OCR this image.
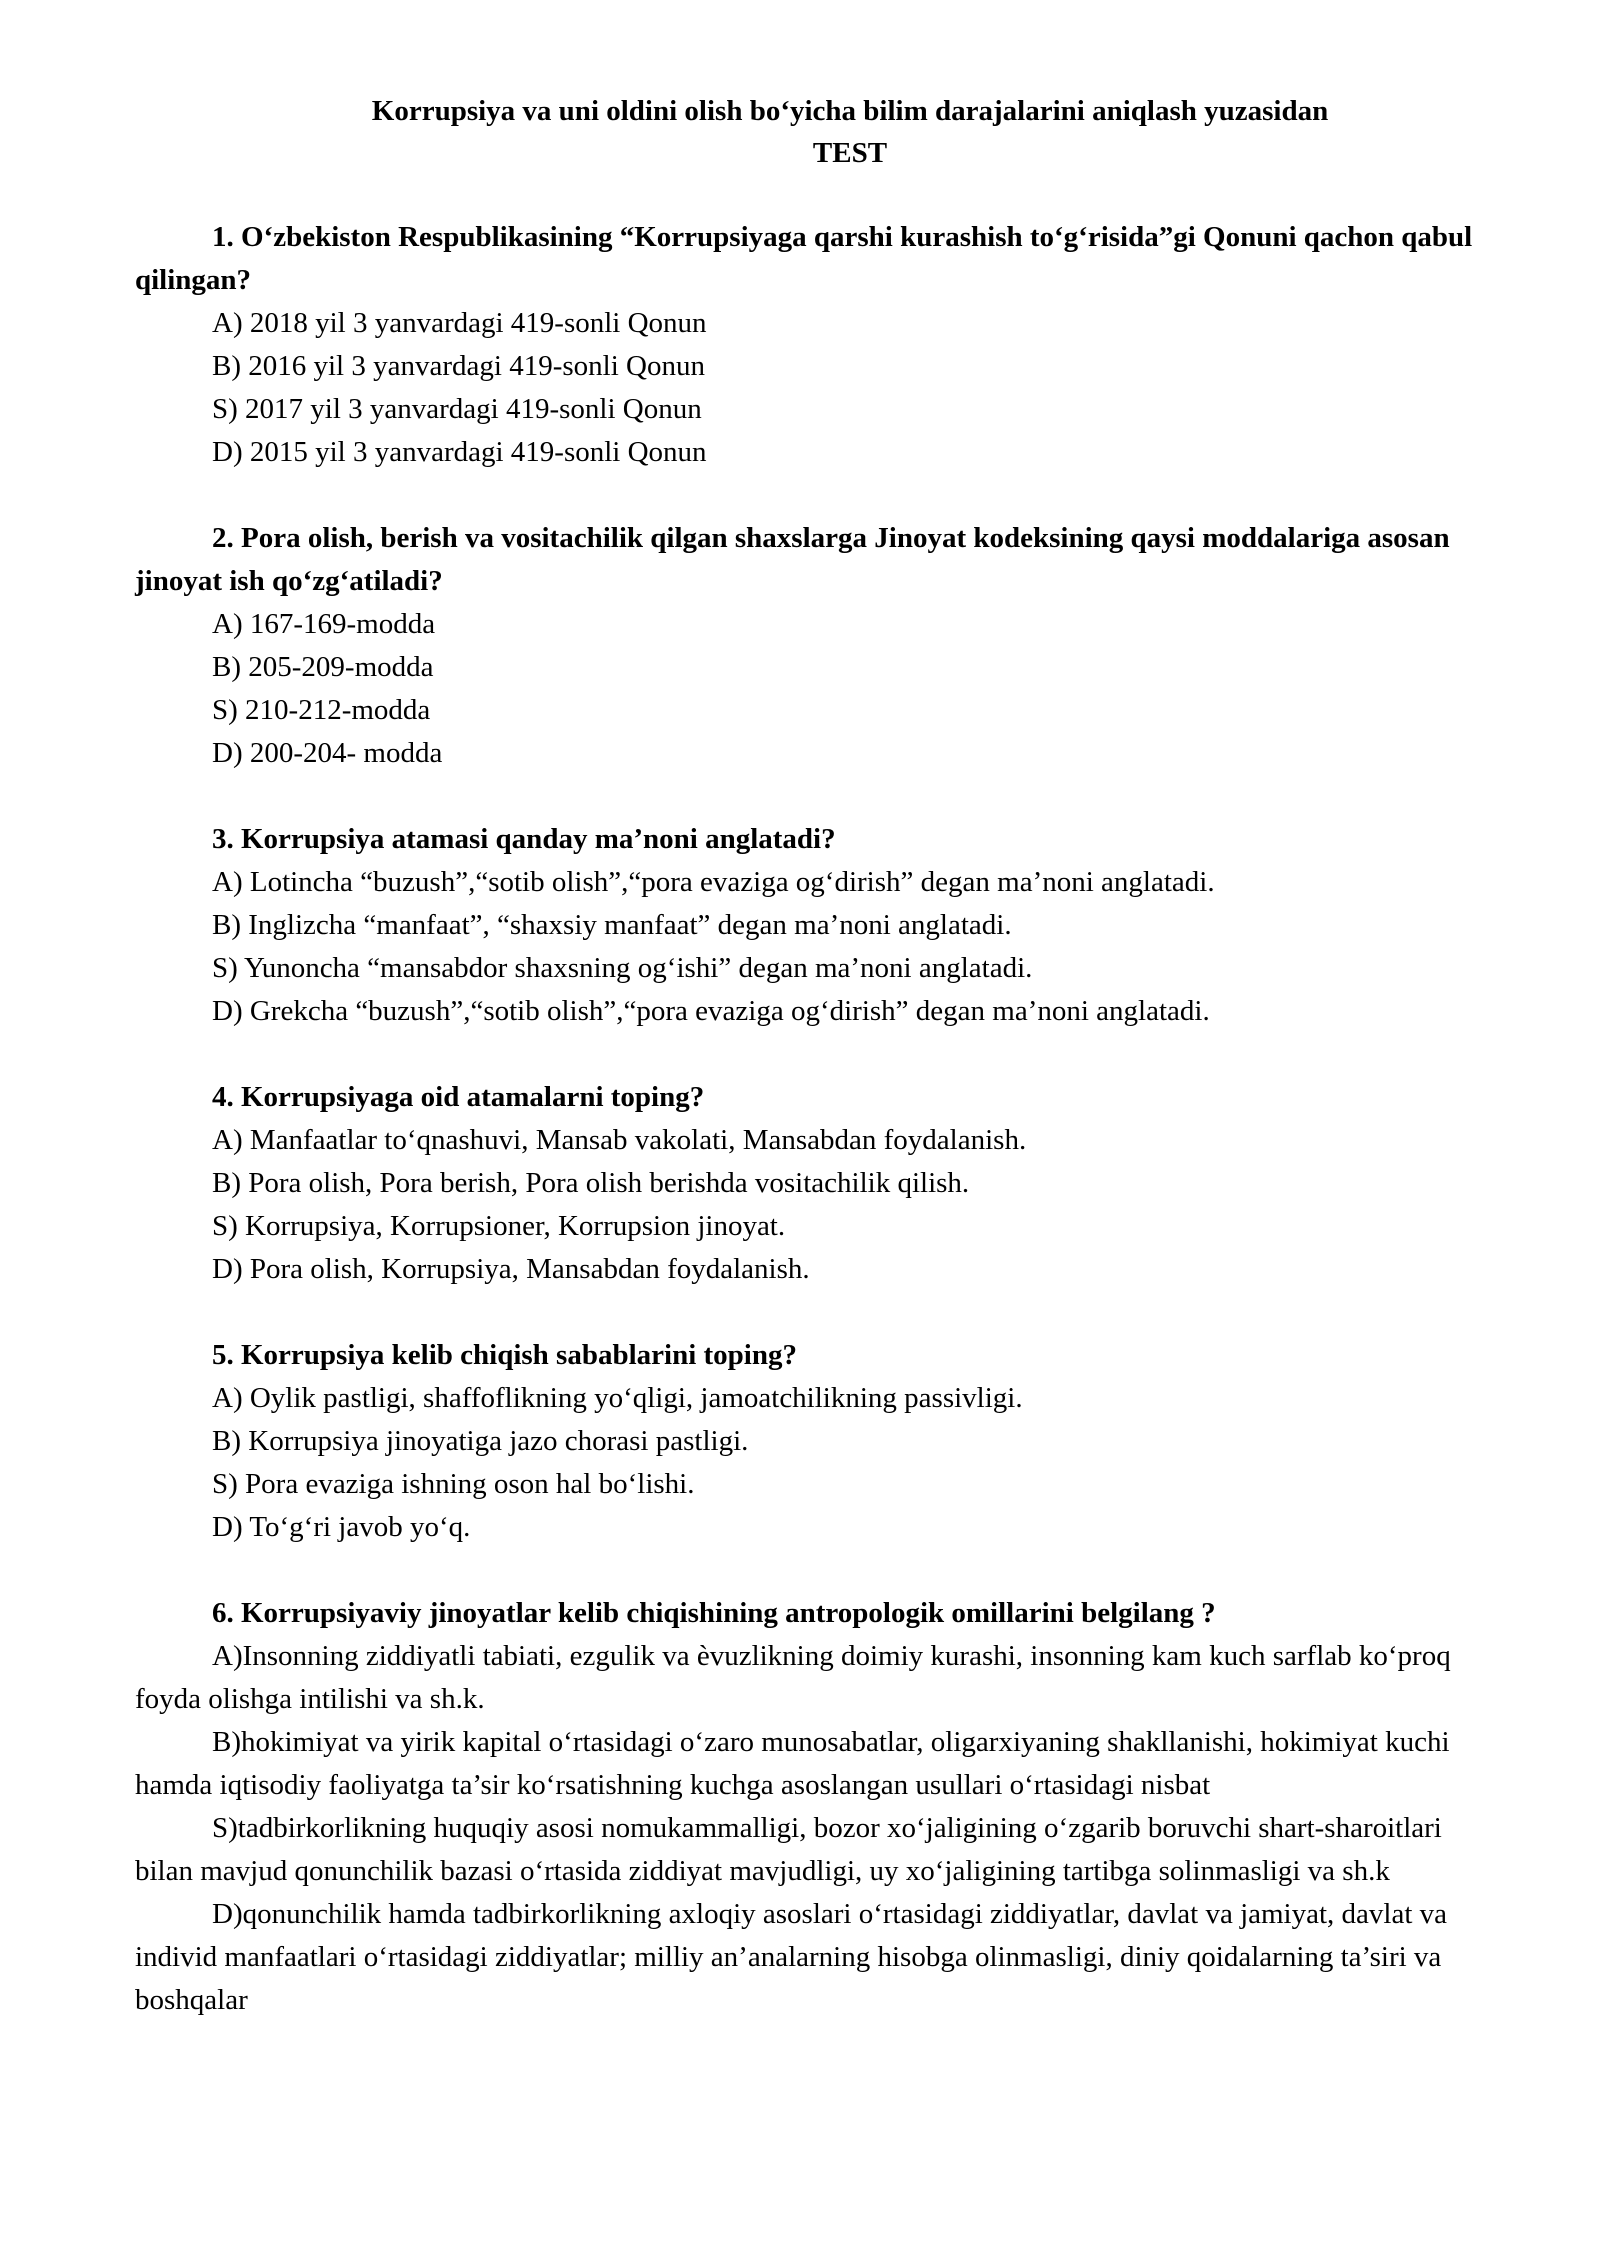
Korrupsiya va uni oldini olish bo‘yicha bilim darajalarini aniqlash yuzasidan
TEST

1. O‘zbekiston Respublikasining “Korrupsiyaga qarshi kurashish to‘g‘risida”gi Qonuni qachon qabul qilingan?

A) 2018 yil 3 yanvardagi 419-sonli Qonun

B) 2016 yil 3 yanvardagi 419-sonli Qonun

S) 2017 yil 3 yanvardagi 419-sonli Qonun

D) 2015 yil 3 yanvardagi 419-sonli Qonun

2. Pora olish, berish va vositachilik qilgan shaxslarga Jinoyat kodeksining qaysi moddalariga asosan jinoyat ish qo‘zg‘atiladi?

A) 167-169-modda

B) 205-209-modda

S) 210-212-modda

D) 200-204- modda

3. Korrupsiya atamasi qanday ma’noni anglatadi?

A) Lotincha “buzush”,“sotib olish”,“pora evaziga og‘dirish” degan ma’noni anglatadi.

B) Inglizcha “manfaat”, “shaxsiy manfaat” degan ma’noni anglatadi.

S) Yunoncha “mansabdor shaxsning og‘ishi” degan ma’noni anglatadi.

D) Grekcha “buzush”,“sotib olish”,“pora evaziga og‘dirish” degan ma’noni anglatadi.

4. Korrupsiyaga oid atamalarni toping?

A) Manfaatlar to‘qnashuvi, Mansab vakolati, Mansabdan foydalanish.

B) Pora olish, Pora berish, Pora olish berishda vositachilik qilish.

S) Korrupsiya, Korrupsioner, Korrupsion jinoyat.

D) Pora olish, Korrupsiya, Mansabdan foydalanish.

5. Korrupsiya kelib chiqish sabablarini toping?

A) Oylik pastligi, shaffoflikning yo‘qligi, jamoatchilikning passivligi.

B) Korrupsiya jinoyatiga jazo chorasi pastligi.

S) Pora evaziga ishning oson hal bo‘lishi.

D) To‘g‘ri javob yo‘q.

6. Korrupsiyaviy jinoyatlar kelib chiqishining antropologik omillarini belgilang ?

A)Insonning ziddiyatli tabiati, ezgulik va èvuzlikning doimiy kurashi, insonning kam kuch sarflab ko‘proq foyda olishga intilishi va sh.k.

B)hokimiyat va yirik kapital o‘rtasidagi o‘zaro munosabatlar, oligarxiyaning shakllanishi, hokimiyat kuchi hamda iqtisodiy faoliyatga ta’sir ko‘rsatishning kuchga asoslangan usullari o‘rtasidagi nisbat

S)tadbirkorlikning huquqiy asosi nomukammalligi, bozor xo‘jaligining o‘zgarib boruvchi shart-sharoitlari bilan mavjud qonunchilik bazasi o‘rtasida ziddiyat mavjudligi, uy xo‘jaligining tartibga solinmasligi va sh.k

D)qonunchilik hamda tadbirkorlikning axloqiy asoslari o‘rtasidagi ziddiyatlar, davlat va jamiyat, davlat va individ manfaatlari o‘rtasidagi ziddiyatlar; milliy an’analarning hisobga olinmasligi, diniy qoidalarning ta’siri va boshqalar
